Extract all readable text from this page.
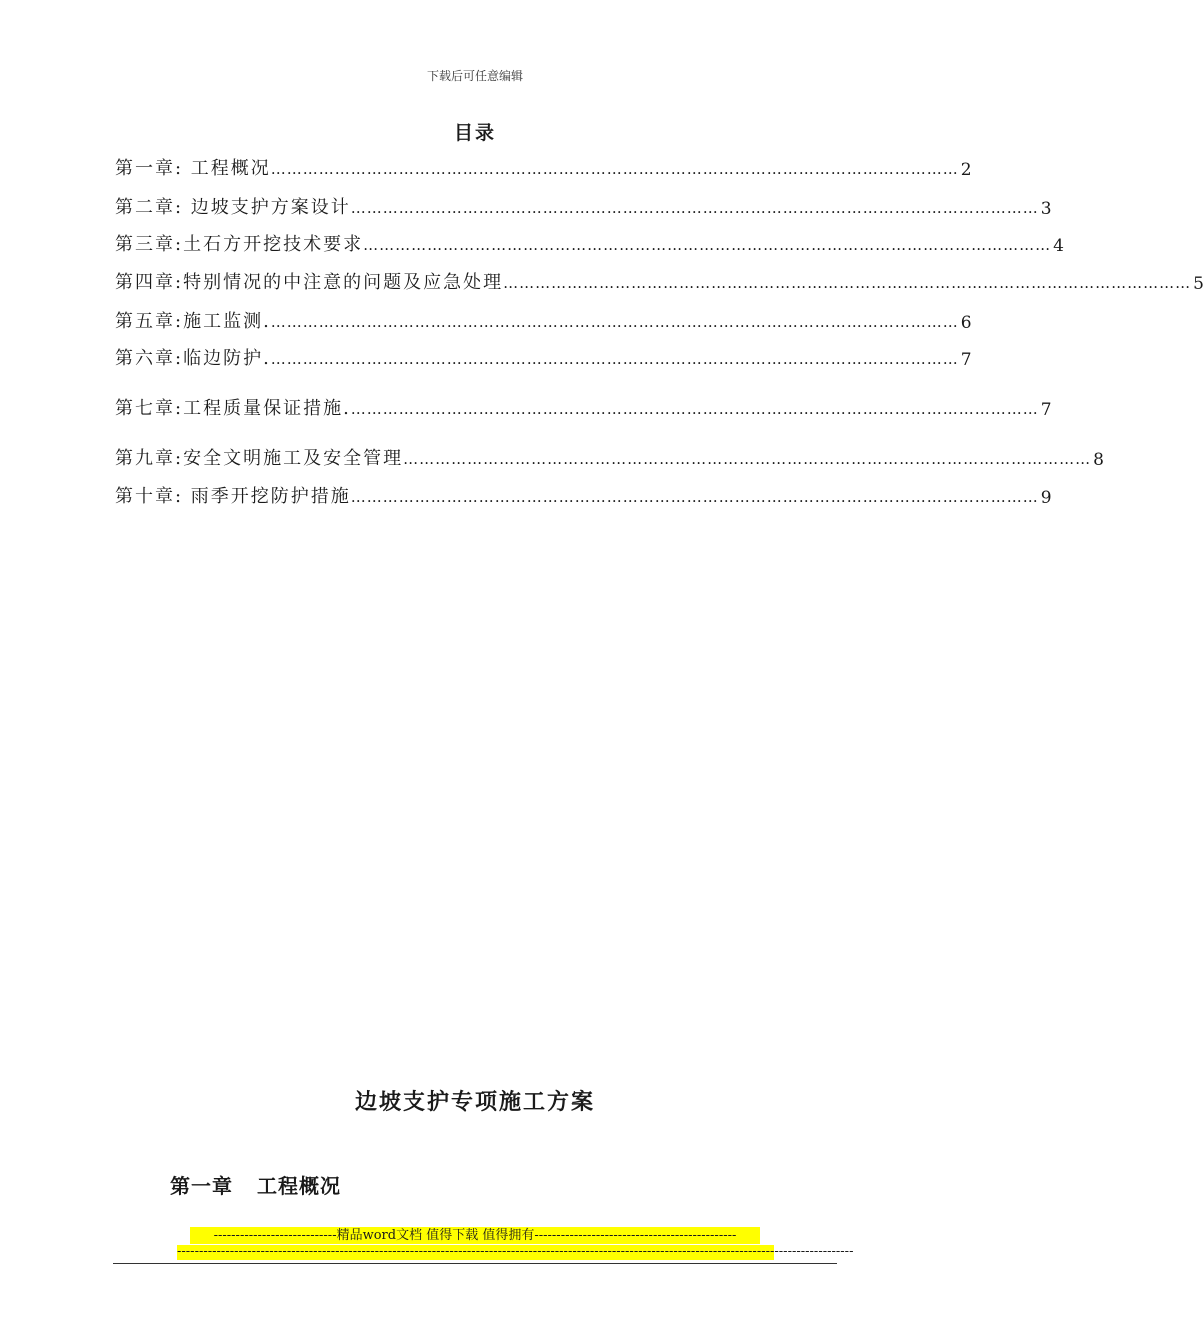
下载后可任意编辑
目录
第一章: 工程概况 ………………………………………………………………………………………………………………… 2
第二章: 边坡支护方案设计 ………………………………………………………………………………………………………………… 3
第三章:土石方开挖技术要求 ………………………………………………………………………………………………………………… 4
第四章:特别情况的中注意的问题及应急处理 ………………………………………………………………………………………………………………… 5
第五章:施工监测. ………………………………………………………………………………………………………………… 6
第六章:临边防护. ………………………………………………………………………………………………………………… 7
第七章:工程质量保证措施. ………………………………………………………………………………………………………………… 7
第九章:安全文明施工及安全管理 ………………………………………………………………………………………………………………… 8
第十章: 雨季开挖防护措施 ………………………………………………………………………………………………………………… 9
边坡支护专项施工方案
第一章 工程概况
----------------------------精品word文档 值得下载 值得拥有----------------------------------------------
----------------------------------------------------------------------------------------------------------------------------------------------------------
